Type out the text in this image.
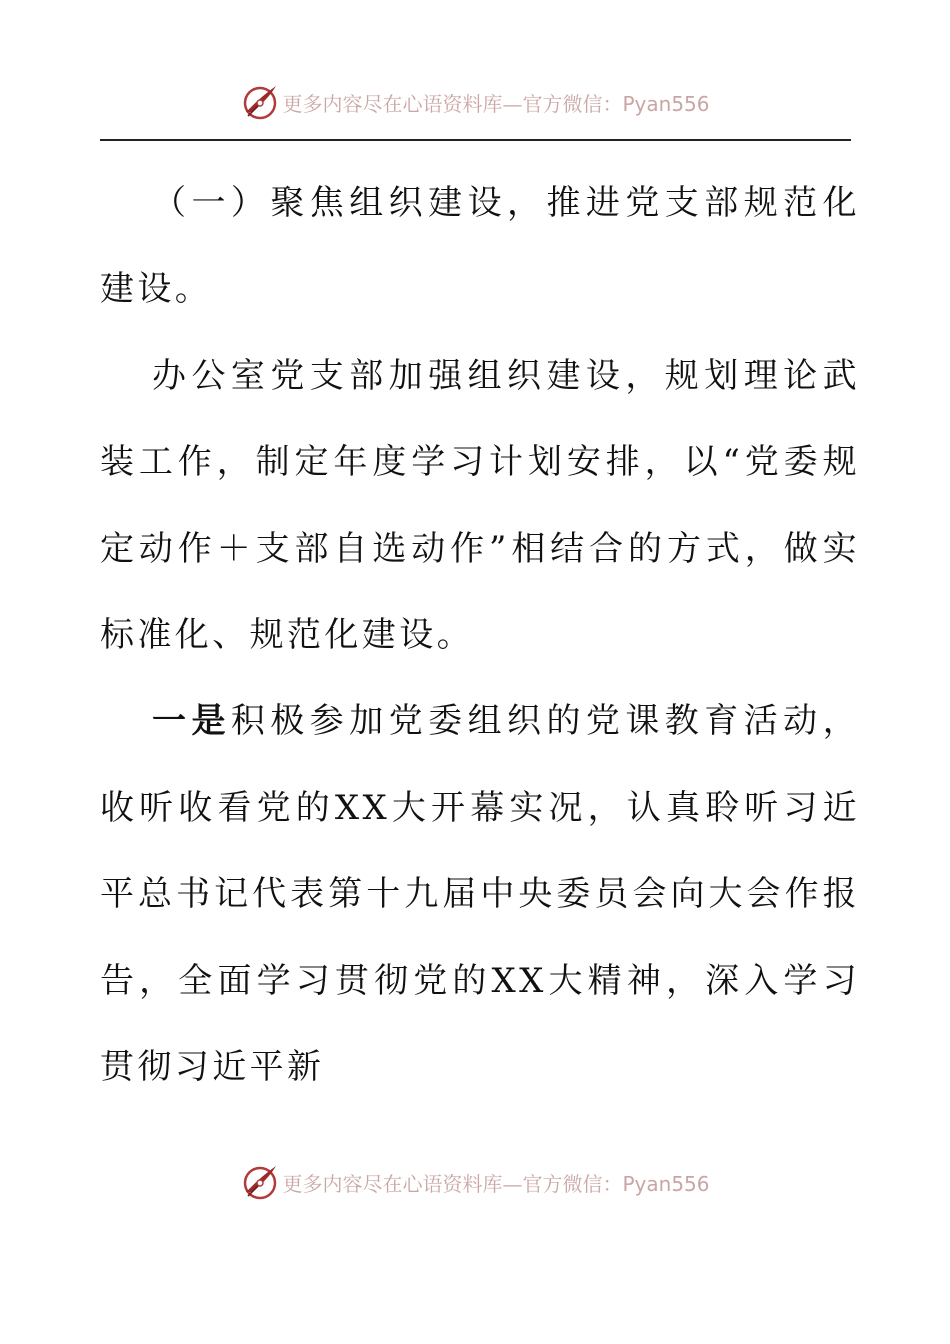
更多内容尽在心语资料库—官方微信：Pyan556

（一）聚焦组织建设，推进党支部规范化建设。

办公室党支部加强组织建设，规划理论武装工作，制定年度学习计划安排，以“党委规定动作＋支部自选动作”相结合的方式，做实标准化、规范化建设。

一是积极参加党委组织的党课教育活动，收听收看党的XX大开幕实况，认真聆听习近平总书记代表第十九届中央委员会向大会作报告，全面学习贯彻党的XX大精神，深入学习贯彻习近平新

更多内容尽在心语资料库—官方微信：Pyan556
